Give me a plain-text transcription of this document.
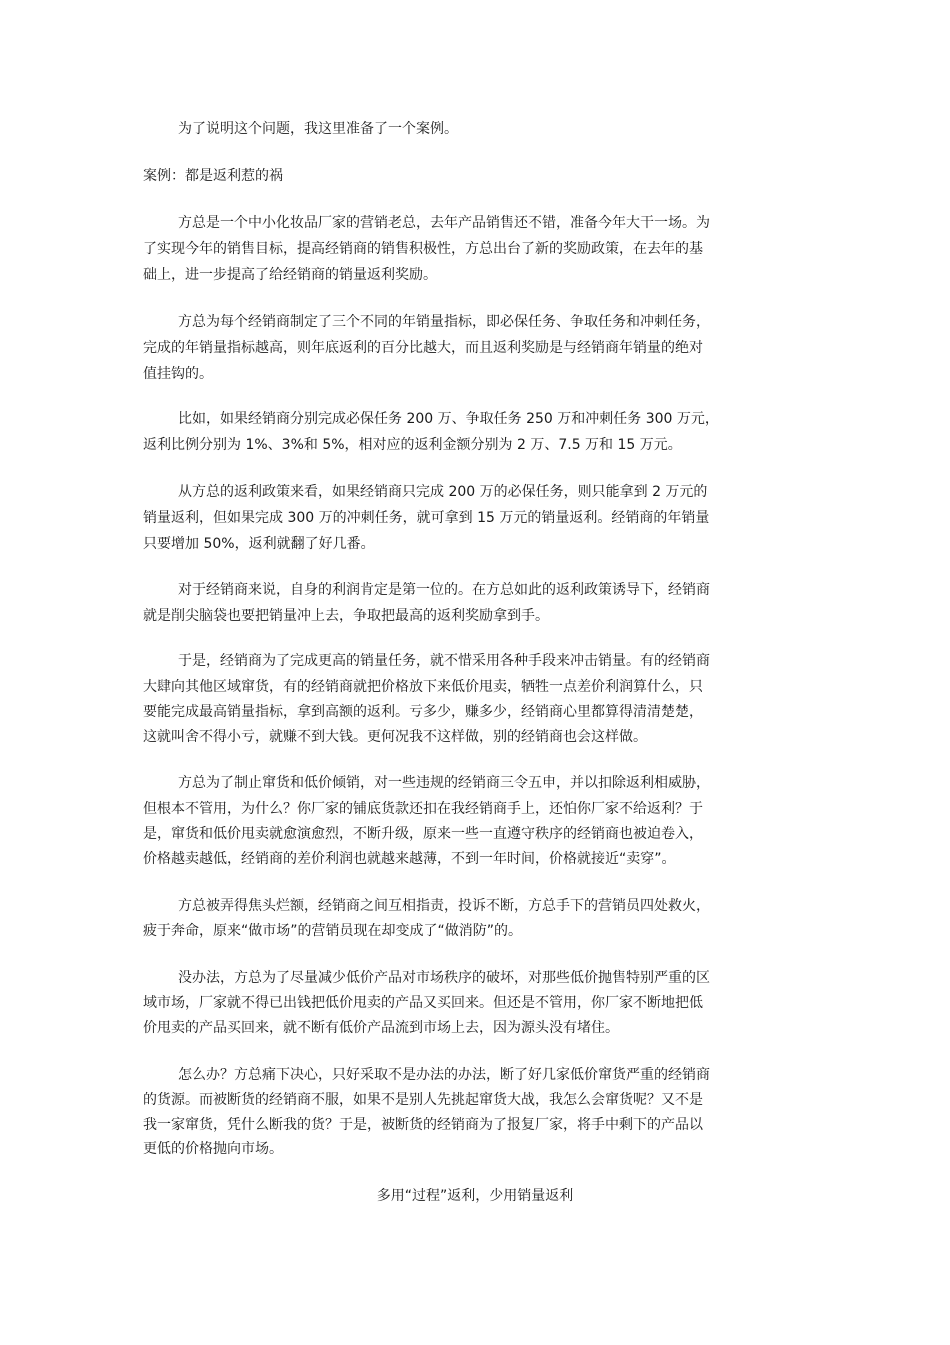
为了说明这个问题，我这里准备了一个案例。

案例：都是返利惹的祸

方总是一个中小化妆品厂家的营销老总，去年产品销售还不错，准备今年大干一场。为

了实现今年的销售目标，提高经销商的销售积极性，方总出台了新的奖励政策，在去年的基

础上，进一步提高了给经销商的销量返利奖励。

方总为每个经销商制定了三个不同的年销量指标，即必保任务、争取任务和冲刺任务，

完成的年销量指标越高，则年底返利的百分比越大，而且返利奖励是与经销商年销量的绝对

值挂钩的。

比如，如果经销商分别完成必保任务 200 万、争取任务 250 万和冲刺任务 300 万元，

返利比例分别为 1%、3%和 5%，相对应的返利金额分别为 2 万、7.5 万和 15 万元。

从方总的返利政策来看，如果经销商只完成 200 万的必保任务，则只能拿到 2 万元的

销量返利，但如果完成 300 万的冲刺任务，就可拿到 15 万元的销量返利。经销商的年销量

只要增加 50%，返利就翻了好几番。

对于经销商来说，自身的利润肯定是第一位的。在方总如此的返利政策诱导下，经销商

就是削尖脑袋也要把销量冲上去，争取把最高的返利奖励拿到手。

于是，经销商为了完成更高的销量任务，就不惜采用各种手段来冲击销量。有的经销商

大肆向其他区域窜货，有的经销商就把价格放下来低价甩卖，牺牲一点差价利润算什么，只

要能完成最高销量指标，拿到高额的返利。亏多少，赚多少，经销商心里都算得清清楚楚，

这就叫舍不得小亏，就赚不到大钱。更何况我不这样做，别的经销商也会这样做。

方总为了制止窜货和低价倾销，对一些违规的经销商三令五申，并以扣除返利相威胁，

但根本不管用，为什么？你厂家的铺底货款还扣在我经销商手上，还怕你厂家不给返利？于

是，窜货和低价甩卖就愈演愈烈，不断升级，原来一些一直遵守秩序的经销商也被迫卷入，

价格越卖越低，经销商的差价利润也就越来越薄，不到一年时间，价格就接近“卖穿”。

方总被弄得焦头烂额，经销商之间互相指责，投诉不断，方总手下的营销员四处救火，

疲于奔命，原来“做市场”的营销员现在却变成了“做消防”的。

没办法，方总为了尽量减少低价产品对市场秩序的破坏，对那些低价抛售特别严重的区

域市场，厂家就不得已出钱把低价甩卖的产品又买回来。但还是不管用，你厂家不断地把低

价甩卖的产品买回来，就不断有低价产品流到市场上去，因为源头没有堵住。

怎么办？方总痛下决心，只好采取不是办法的办法，断了好几家低价窜货严重的经销商

的货源。而被断货的经销商不服，如果不是别人先挑起窜货大战，我怎么会窜货呢？又不是

我一家窜货，凭什么断我的货？于是，被断货的经销商为了报复厂家，将手中剩下的产品以

更低的价格抛向市场。

多用“过程”返利，少用销量返利
